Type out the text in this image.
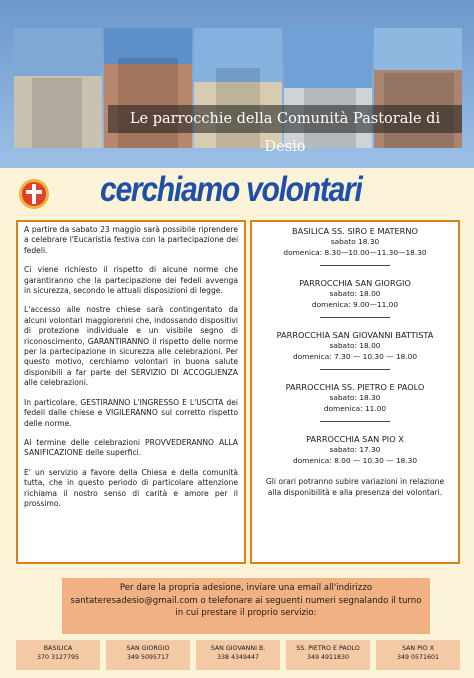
Le parrocchie della Comunità Pastorale di Desio
cerchiamo volontari

A partire da sabato 23 maggio sarà possibile riprendere a celebrare l'Eucaristia festiva con la partecipazione dei fedeli.

Ci viene richiesto il rispetto di alcune norme che garantiranno che la partecipazione dei fedeli avvenga in sicurezza, secondo le attuali disposizioni di legge.

L'accesso alle nostre chiese sarà contingentato da alcuni volontari maggiorenni che, indossando dispositivi di protezione individuale e un visibile segno di riconoscimento, GARANTIRANNO il rispetto delle norme per la partecipazione in sicurezza alle celebrazioni. Per questo motivo, cerchiamo volontari in buona salute disponibili a far parte del SERVIZIO DI ACCOGLIENZA alle celebrazioni.

In particolare, GESTIRANNO L'INGRESSO E L'USCITA dei fedeli dalle chiese e VIGILERANNO sul corretto rispetto delle norme.

Al termine delle celebrazioni PROVVEDERANNO ALLA SANIFICAZIONE delle superfici.

E' un servizio a favore della Chiesa e della comunità tutta, che in questo periodo di particolare attenzione richiama il nostro senso di carità e amore per il prossimo.

BASILICA SS. SIRO E MATERNO
sabato 18.30
domenica: 8.30—10.00—11.30—18.30
PARROCCHIA SAN GIORGIO
sabato: 18.00
domenica: 9.00—11.00
PARROCCHIA SAN GIOVANNI BATTISTA
sabato: 18.00
domenica: 7.30 — 10.30 — 18.00
PARROCCHIA SS. PIETRO E PAOLO
sabato: 18.30
domenica: 11.00
PARROCCHIA SAN PIO X
sabato: 17.30
domenica: 8.00 — 10.30 — 18.30
Gli orari potranno subire variazioni in relazione alla disponibilità e alla presenza dei volontari.

Per dare la propria adesione, inviare una email all'indirizzo santateresadesio@gmail.com o telefonare ai seguenti numeri segnalando il turno in cui prestare il proprio servizio:

BASILICA
370 3127795
SAN GIORGIO
349 5095717
SAN GIOVANNI B.
338 4349447
SS. PIETRO E PAOLO
349 4911830
SAN PIO X
349 0571601
